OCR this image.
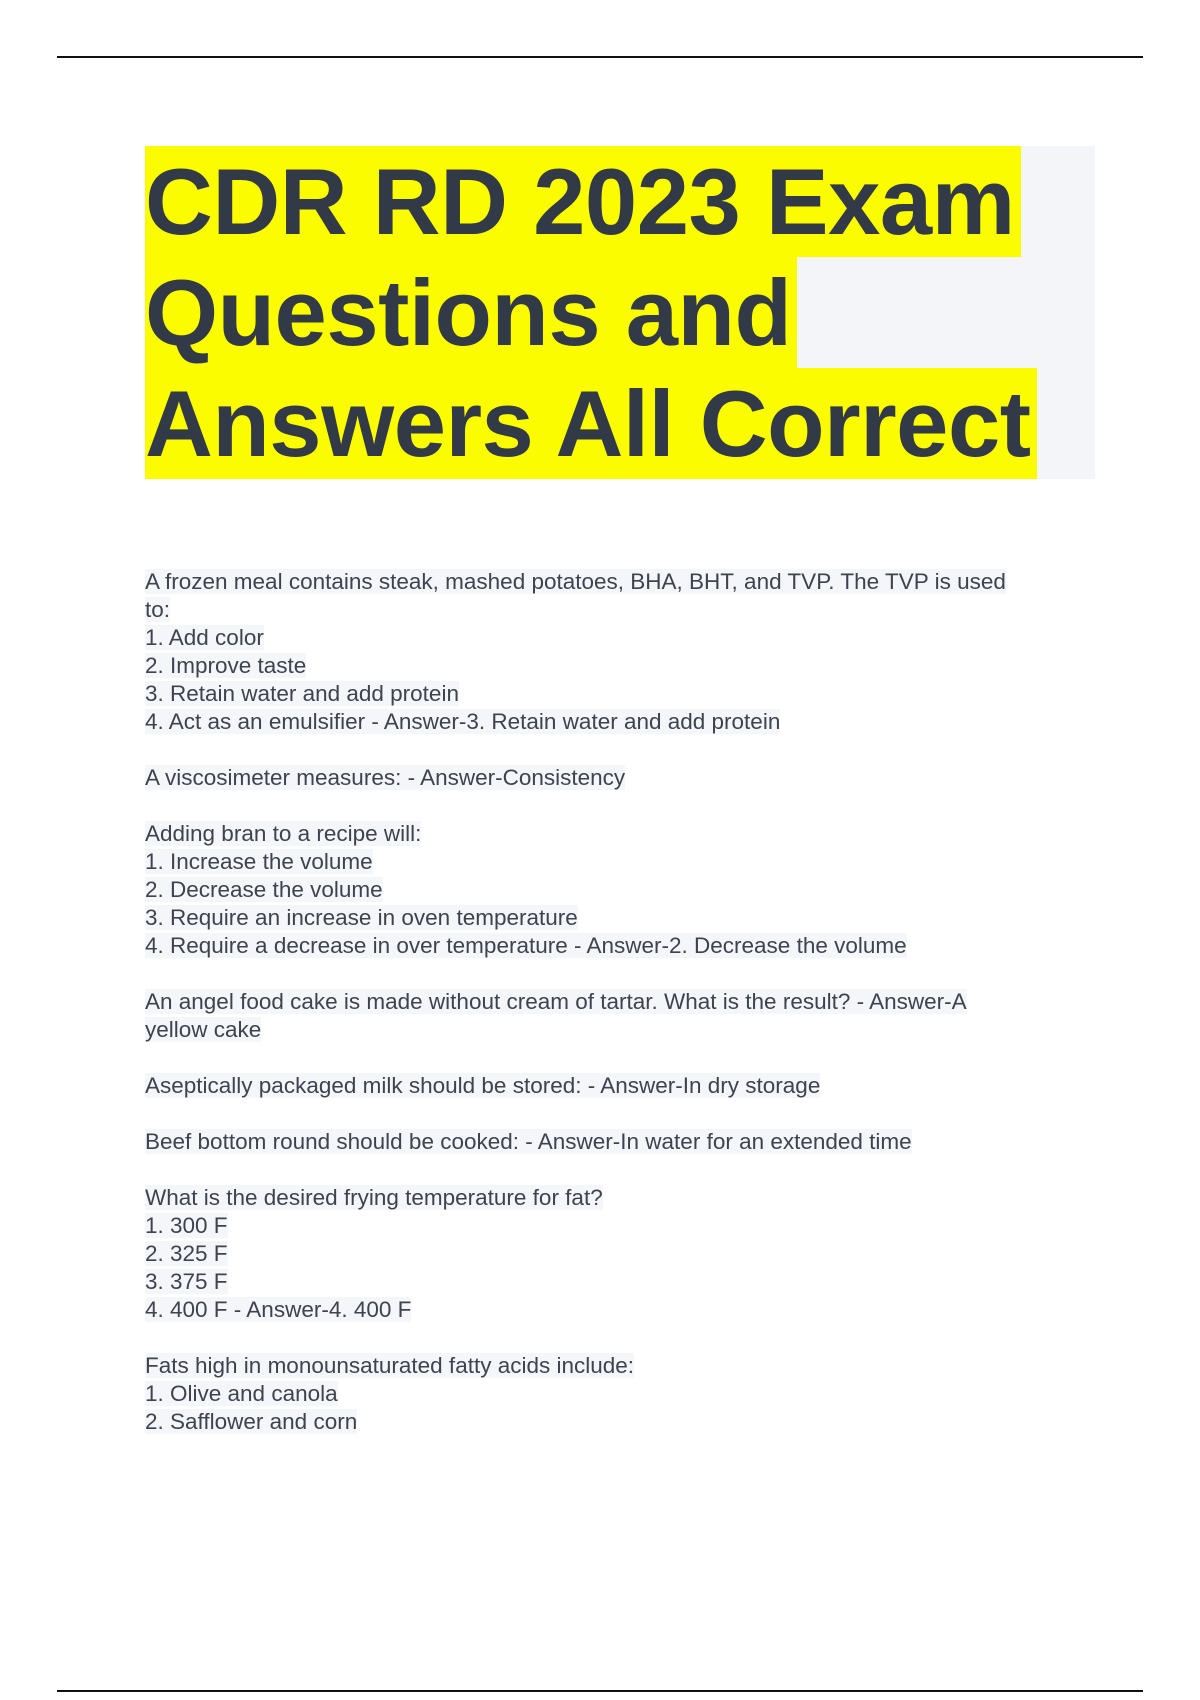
CDR RD 2023 Exam
Questions and
Answers All Correct
A frozen meal contains steak, mashed potatoes, BHA, BHT, and TVP. The TVP is used
to:
1. Add color
2. Improve taste
3. Retain water and add protein
4. Act as an emulsifier - Answer-3. Retain water and add protein
A viscosimeter measures: - Answer-Consistency
Adding bran to a recipe will:
1. Increase the volume
2. Decrease the volume
3. Require an increase in oven temperature
4. Require a decrease in over temperature - Answer-2. Decrease the volume
An angel food cake is made without cream of tartar. What is the result? - Answer-A
yellow cake
Aseptically packaged milk should be stored: - Answer-In dry storage
Beef bottom round should be cooked: - Answer-In water for an extended time
What is the desired frying temperature for fat?
1. 300 F
2. 325 F
3. 375 F
4. 400 F - Answer-4. 400 F
Fats high in monounsaturated fatty acids include:
1. Olive and canola
2. Safflower and corn
